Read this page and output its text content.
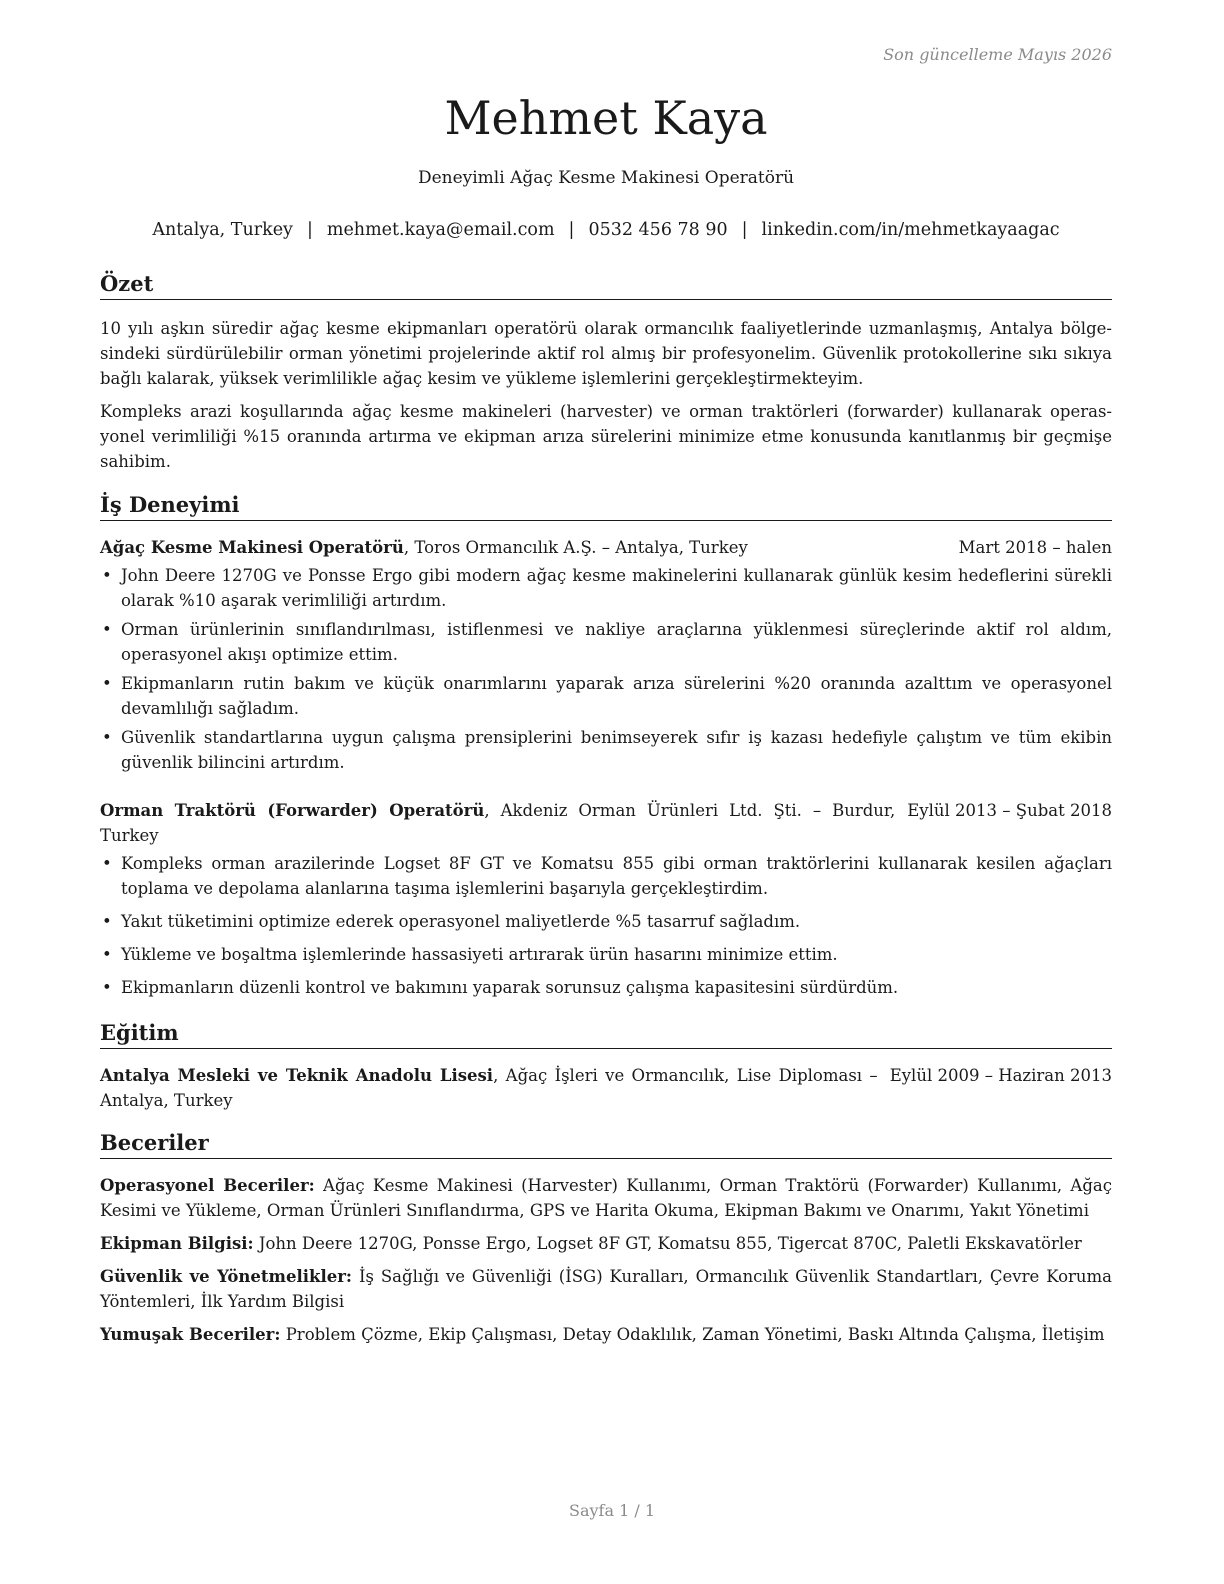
Son güncelleme Mayıs 2026
Mehmet Kaya
Deneyimli Ağaç Kesme Makinesi Operatörü
Antalya, Turkey | mehmet.kaya@email.com | 0532 456 78 90 | linkedin.com/in/mehmetkayaagac
Özet

10 yılı aşkın süredir ağaç kesme ekipmanları operatörü olarak ormancılık faaliyetlerinde uzmanlaşmış, Antalya bölgesindeki sürdürülebilir orman yönetimi projelerinde aktif rol almış bir profesyonelim. Güvenlik protokollerine sıkı sıkıya bağlı kalarak, yüksek verimlilikle ağaç kesim ve yükleme işlemlerini gerçekleştirmekteyim.

Kompleks arazi koşullarında ağaç kesme makineleri (harvester) ve orman traktörleri (forwarder) kullanarak operasyonel verimliliği %15 oranında artırma ve ekipman arıza sürelerini minimize etme konusunda kanıtlanmış bir geçmişe sahibim.

İş Deneyimi
Ağaç Kesme Makinesi Operatörü, Toros Ormancılık A.Ş. – Antalya, Turkey	Mart 2018 – halen
• John Deere 1270G ve Ponsse Ergo gibi modern ağaç kesme makinelerini kullanarak günlük kesim hedeflerini sürekli olarak %10 aşarak verimliliği artırdım.
• Orman ürünlerinin sınıflandırılması, istiflenmesi ve nakliye araçlarına yüklenmesi süreçlerinde aktif rol aldım, operasyonel akışı optimize ettim.
• Ekipmanların rutin bakım ve küçük onarımlarını yaparak arıza sürelerini %20 oranında azalttım ve operasyonel devamlılığı sağladım.
• Güvenlik standartlarına uygun çalışma prensiplerini benimseyerek sıfır iş kazası hedefiyle çalıştım ve tüm ekibin güvenlik bilincini artırdım.
Orman Traktörü (Forwarder) Operatörü, Akdeniz Orman Ürünleri Ltd. Şti. – Burdur, Turkey
Eylül 2013 – Şubat 2018
• Kompleks orman arazilerinde Logset 8F GT ve Komatsu 855 gibi orman traktörlerini kullanarak kesilen ağaçları toplama ve depolama alanlarına taşıma işlemlerini başarıyla gerçekleştirdim.
• Yakıt tüketimini optimize ederek operasyonel maliyetlerde %5 tasarruf sağladım.
• Yükleme ve boşaltma işlemlerinde hassasiyeti artırarak ürün hasarını minimize ettim.
• Ekipmanların düzenli kontrol ve bakımını yaparak sorunsuz çalışma kapasitesini sürdürdüm.
Eğitim
Antalya Mesleki ve Teknik Anadolu Lisesi, Ağaç İşleri ve Ormancılık, Lise Diploması – Antalya, Turkey
Eylül 2009 – Haziran 2013
Beceriler
Operasyonel Beceriler: Ağaç Kesme Makinesi (Harvester) Kullanımı, Orman Traktörü (Forwarder) Kullanımı, Ağaç Kesimi ve Yükleme, Orman Ürünleri Sınıflandırma, GPS ve Harita Okuma, Ekipman Bakımı ve Onarımı, Yakıt Yönetimi
Ekipman Bilgisi: John Deere 1270G, Ponsse Ergo, Logset 8F GT, Komatsu 855, Tigercat 870C, Paletli Ekskavatörler
Güvenlik ve Yönetmelikler: İş Sağlığı ve Güvenliği (İSG) Kuralları, Ormancılık Güvenlik Standartları, Çevre Koruma Yöntemleri, İlk Yardım Bilgisi
Yumuşak Beceriler: Problem Çözme, Ekip Çalışması, Detay Odaklılık, Zaman Yönetimi, Baskı Altında Çalışma, İletişim
Sayfa 1 / 1
